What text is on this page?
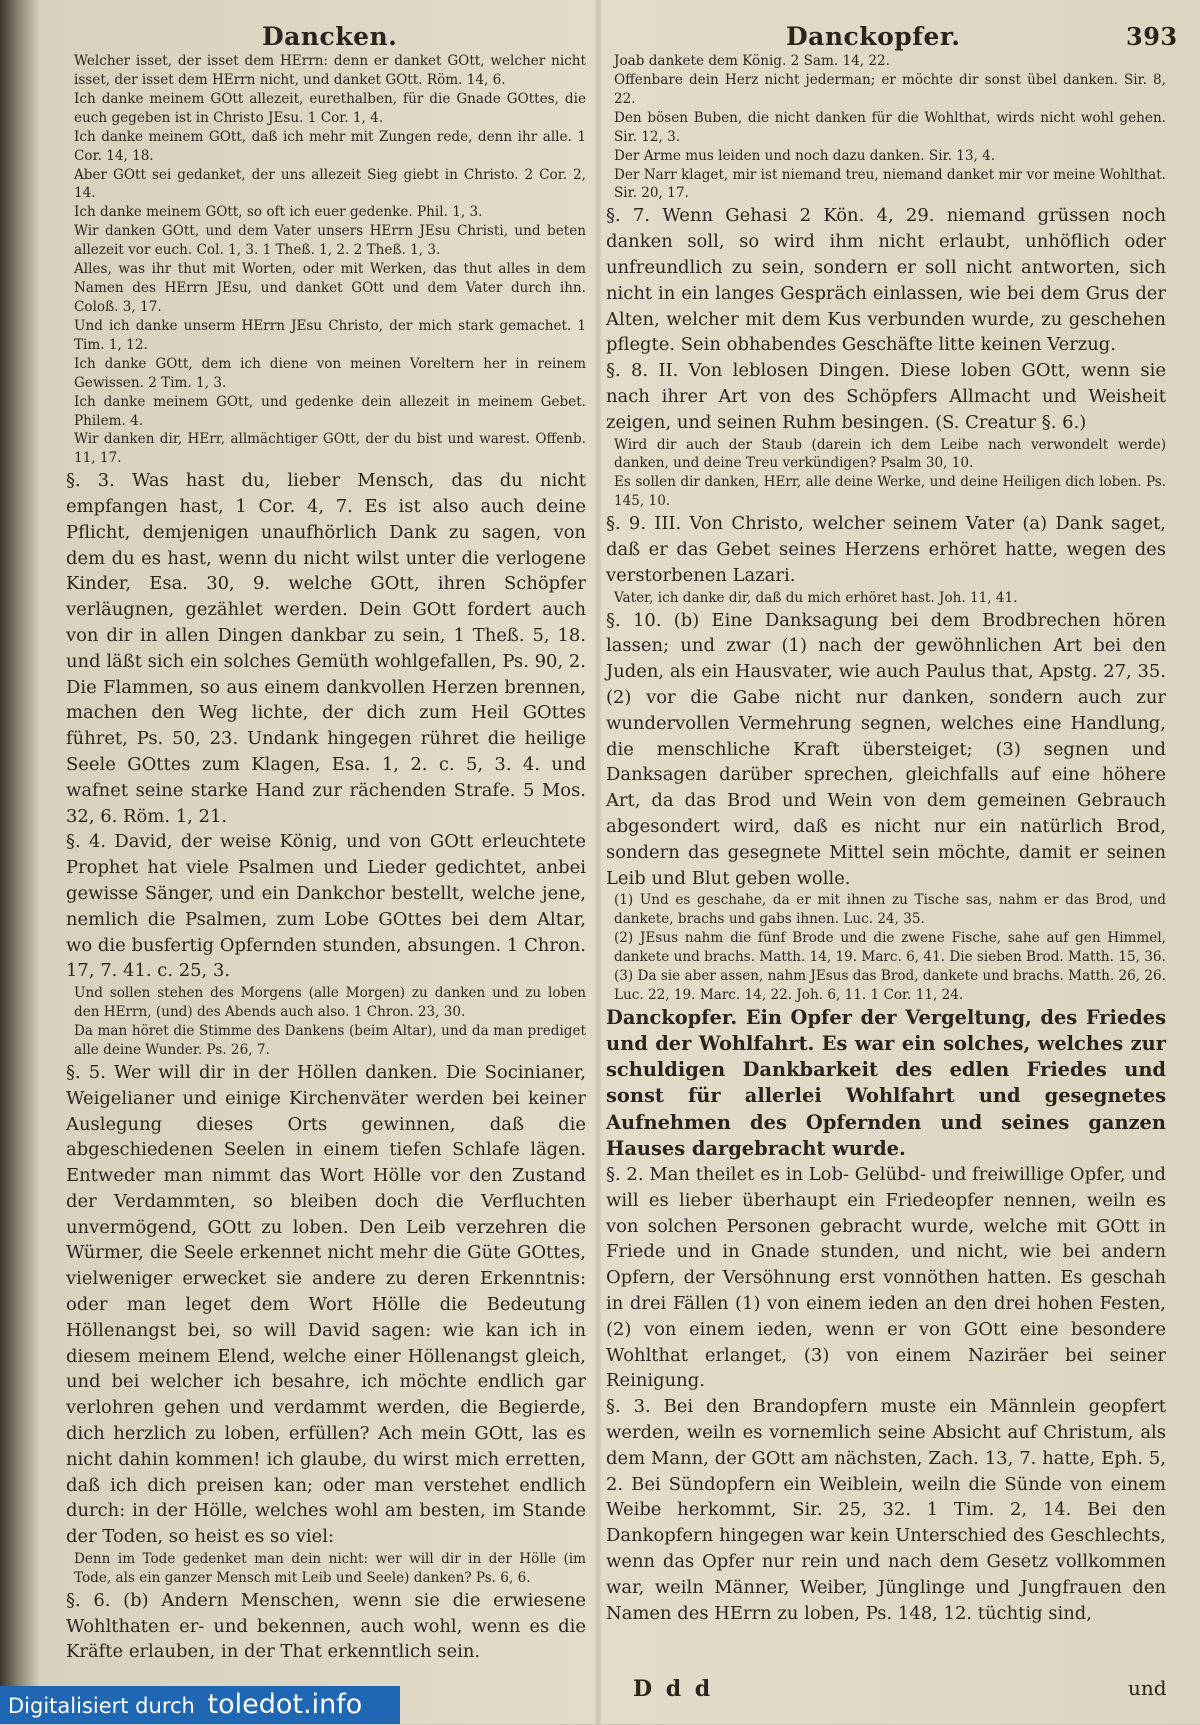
Dancken.	Danckopfer.	393

Welcher isset, der isset dem HErrn: denn er danket GOtt, welcher nicht isset, der isset dem HErrn nicht, und danket GOtt. Röm. 14, 6.

Ich danke meinem GOtt allezeit, eurethalben, für die Gnade GOttes, die euch gegeben ist in Christo JEsu. 1 Cor. 1, 4.

Ich danke meinem GOtt, daß ich mehr mit Zungen rede, denn ihr alle. 1 Cor. 14, 18.

Aber GOtt sei gedanket, der uns allezeit Sieg giebt in Christo. 2 Cor. 2, 14.

Ich danke meinem GOtt, so oft ich euer gedenke. Phil. 1, 3.

Wir danken GOtt, und dem Vater unsers HErrn JEsu Christi, und beten allezeit vor euch. Col. 1, 3. 1 Theß. 1, 2. 2 Theß. 1, 3.

Alles, was ihr thut mit Worten, oder mit Werken, das thut alles in dem Namen des HErrn JEsu, und danket GOtt und dem Vater durch ihn. Coloß. 3, 17.

Und ich danke unserm HErrn JEsu Christo, der mich stark gemachet. 1 Tim. 1, 12.

Ich danke GOtt, dem ich diene von meinen Voreltern her in reinem Gewissen. 2 Tim. 1, 3.

Ich danke meinem GOtt, und gedenke dein allezeit in meinem Gebet. Philem. 4.

Wir danken dir, HErr, allmächtiger GOtt, der du bist und warest. Offenb. 11, 17.

§. 3. Was hast du, lieber Mensch, das du nicht empfangen hast, 1 Cor. 4, 7. Es ist also auch deine Pflicht, demjenigen unaufhörlich Dank zu sagen, von dem du es hast, wenn du nicht wilst unter die verlogene Kinder, Esa. 30, 9. welche GOtt, ihren Schöpfer verläugnen, gezählet werden. Dein GOtt fordert auch von dir in allen Dingen dankbar zu sein, 1 Theß. 5, 18. und läßt sich ein solches Gemüth wohlgefallen, Ps. 90, 2. Die Flammen, so aus einem dankvollen Herzen brennen, machen den Weg lichte, der dich zum Heil GOttes führet, Ps. 50, 23. Undank hingegen rühret die heilige Seele GOttes zum Klagen, Esa. 1, 2. c. 5, 3. 4. und wafnet seine starke Hand zur rächenden Strafe. 5 Mos. 32, 6. Röm. 1, 21.

§. 4. David, der weise König, und von GOtt erleuchtete Prophet hat viele Psalmen und Lieder gedichtet, anbei gewisse Sänger, und ein Dankchor bestellt, welche jene, nemlich die Psalmen, zum Lobe GOttes bei dem Altar, wo die busfertig Opfernden stunden, absungen. 1 Chron. 17, 7. 41. c. 25, 3.

Und sollen stehen des Morgens (alle Morgen) zu danken und zu loben den HErrn, (und) des Abends auch also. 1 Chron. 23, 30.

Da man höret die Stimme des Dankens (beim Altar), und da man prediget alle deine Wunder. Ps. 26, 7.

§. 5. Wer will dir in der Höllen danken. Die Socinianer, Weigelianer und einige Kirchenväter werden bei keiner Auslegung dieses Orts gewinnen, daß die abgeschiedenen Seelen in einem tiefen Schlafe lägen. Entweder man nimmt das Wort Hölle vor den Zustand der Verdammten, so bleiben doch die Verfluchten unvermögend, GOtt zu loben. Den Leib verzehren die Würmer, die Seele erkennet nicht mehr die Güte GOttes, vielweniger erwecket sie andere zu deren Erkenntnis: oder man leget dem Wort Hölle die Bedeutung Höllenangst bei, so will David sagen: wie kan ich in diesem meinem Elend, welche einer Höllenangst gleich, und bei welcher ich besahre, ich möchte endlich gar verlohren gehen und verdammt werden, die Begierde, dich herzlich zu loben, erfüllen? Ach mein GOtt, las es nicht dahin kommen! ich glaube, du wirst mich erretten, daß ich dich preisen kan; oder man verstehet endlich durch: in der Hölle, welches wohl am besten, im Stande der Toden, so heist es so viel:

Denn im Tode gedenket man dein nicht: wer will dir in der Hölle (im Tode, als ein ganzer Mensch mit Leib und Seele) danken? Ps. 6, 6.

§. 6. (b) Andern Menschen, wenn sie die erwiesene Wohlthaten er- und bekennen, auch wohl, wenn es die Kräfte erlauben, in der That erkenntlich sein.

Joab dankete dem König. 2 Sam. 14, 22.

Offenbare dein Herz nicht jederman; er möchte dir sonst übel danken. Sir. 8, 22.

Den bösen Buben, die nicht danken für die Wohlthat, wirds nicht wohl gehen. Sir. 12, 3.

Der Arme mus leiden und noch dazu danken. Sir. 13, 4.

Der Narr klaget, mir ist niemand treu, niemand danket mir vor meine Wohlthat. Sir. 20, 17.

§. 7. Wenn Gehasi 2 Kön. 4, 29. niemand grüssen noch danken soll, so wird ihm nicht erlaubt, unhöflich oder unfreundlich zu sein, sondern er soll nicht antworten, sich nicht in ein langes Gespräch einlassen, wie bei dem Grus der Alten, welcher mit dem Kus verbunden wurde, zu geschehen pflegte. Sein obhabendes Geschäfte litte keinen Verzug.

§. 8. II. Von leblosen Dingen. Diese loben GOtt, wenn sie nach ihrer Art von des Schöpfers Allmacht und Weisheit zeigen, und seinen Ruhm besingen. (S. Creatur §. 6.)

Wird dir auch der Staub (darein ich dem Leibe nach verwondelt werde) danken, und deine Treu verkündigen? Psalm 30, 10.

Es sollen dir danken, HErr, alle deine Werke, und deine Heiligen dich loben. Ps. 145, 10.

§. 9. III. Von Christo, welcher seinem Vater (a) Dank saget, daß er das Gebet seines Herzens erhöret hatte, wegen des verstorbenen Lazari.

Vater, ich danke dir, daß du mich erhöret hast. Joh. 11, 41.

§. 10. (b) Eine Danksagung bei dem Brodbrechen hören lassen; und zwar (1) nach der gewöhnlichen Art bei den Juden, als ein Hausvater, wie auch Paulus that, Apstg. 27, 35. (2) vor die Gabe nicht nur danken, sondern auch zur wundervollen Vermehrung segnen, welches eine Handlung, die menschliche Kraft übersteiget; (3) segnen und Danksagen darüber sprechen, gleichfalls auf eine höhere Art, da das Brod und Wein von dem gemeinen Gebrauch abgesondert wird, daß es nicht nur ein natürlich Brod, sondern das gesegnete Mittel sein möchte, damit er seinen Leib und Blut geben wolle.

(1) Und es geschahe, da er mit ihnen zu Tische sas, nahm er das Brod, und dankete, brachs und gabs ihnen. Luc. 24, 35.

(2) JEsus nahm die fünf Brode und die zwene Fische, sahe auf gen Himmel, dankete und brachs. Matth. 14, 19. Marc. 6, 41. Die sieben Brod. Matth. 15, 36.

(3) Da sie aber assen, nahm JEsus das Brod, dankete und brachs. Matth. 26, 26. Luc. 22, 19. Marc. 14, 22. Joh. 6, 11. 1 Cor. 11, 24.

Danckopfer. Ein Opfer der Vergeltung, des Friedes und der Wohlfahrt. Es war ein solches, welches zur schuldigen Dankbarkeit des edlen Friedes und sonst für allerlei Wohlfahrt und gesegnetes Aufnehmen des Opfernden und seines ganzen Hauses dargebracht wurde.

§. 2. Man theilet es in Lob- Gelübd- und freiwillige Opfer, und will es lieber überhaupt ein Friedeopfer nennen, weiln es von solchen Personen gebracht wurde, welche mit GOtt in Friede und in Gnade stunden, und nicht, wie bei andern Opfern, der Versöhnung erst vonnöthen hatten. Es geschah in drei Fällen (1) von einem ieden an den drei hohen Festen, (2) von einem ieden, wenn er von GOtt eine besondere Wohlthat erlanget, (3) von einem Naziräer bei seiner Reinigung.

§. 3. Bei den Brandopfern muste ein Männlein geopfert werden, weiln es vornemlich seine Absicht auf Christum, als dem Mann, der GOtt am nächsten, Zach. 13, 7. hatte, Eph. 5, 2. Bei Sündopfern ein Weiblein, weiln die Sünde von einem Weibe herkommt, Sir. 25, 32. 1 Tim. 2, 14. Bei den Dankopfern hingegen war kein Unterschied des Geschlechts, wenn das Opfer nur rein und nach dem Gesetz vollkommen war, weiln Männer, Weiber, Jünglinge und Jungfrauen den Namen des HErrn zu loben, Ps. 148, 12. tüchtig sind,

D d d	und
Digitalisiert durch toledot.info
